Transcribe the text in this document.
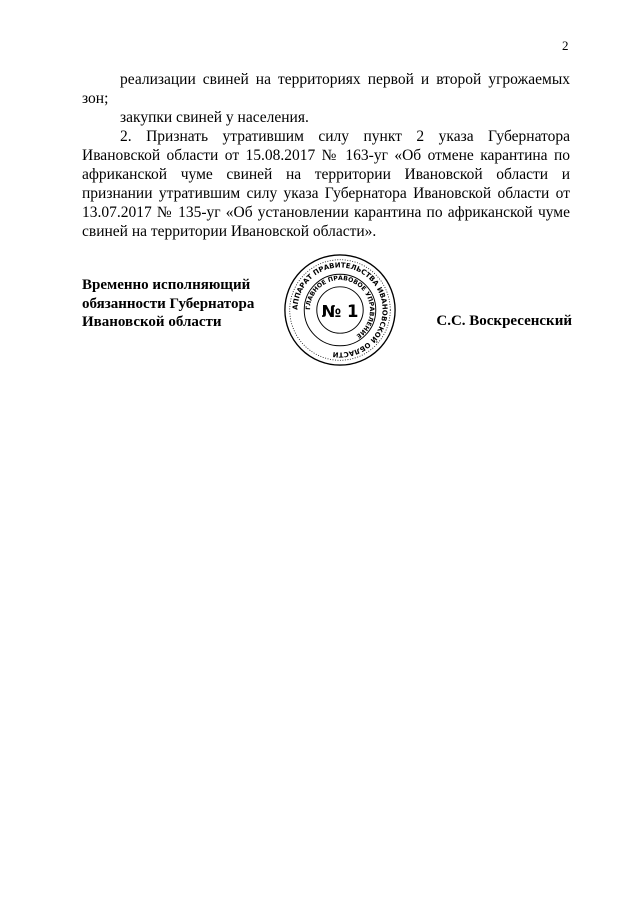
2

реализации свиней на территориях первой и второй угрожаемых зон;

закупки свиней у населения.

2. Признать утратившим силу пункт 2 указа Губернатора Ивановской области от 15.08.2017 № 163-уг «Об отмене карантина по африканской чуме свиней на территории Ивановской области и признании утратившим силу указа Губернатора Ивановской области от 13.07.2017 № 135-уг «Об установлении карантина по африканской чуме свиней на территории Ивановской области».

Временно исполняющий
обязанности Губернатора
Ивановской области
АППАРАТ ПРАВИТЕЛЬСТВА ИВАНОВСКОЙ ОБЛАСТИ
ГЛАВНОЕ ПРАВОВОЕ УПРАВЛЕНИЕ
№ 1
С.С. Воскресенский
